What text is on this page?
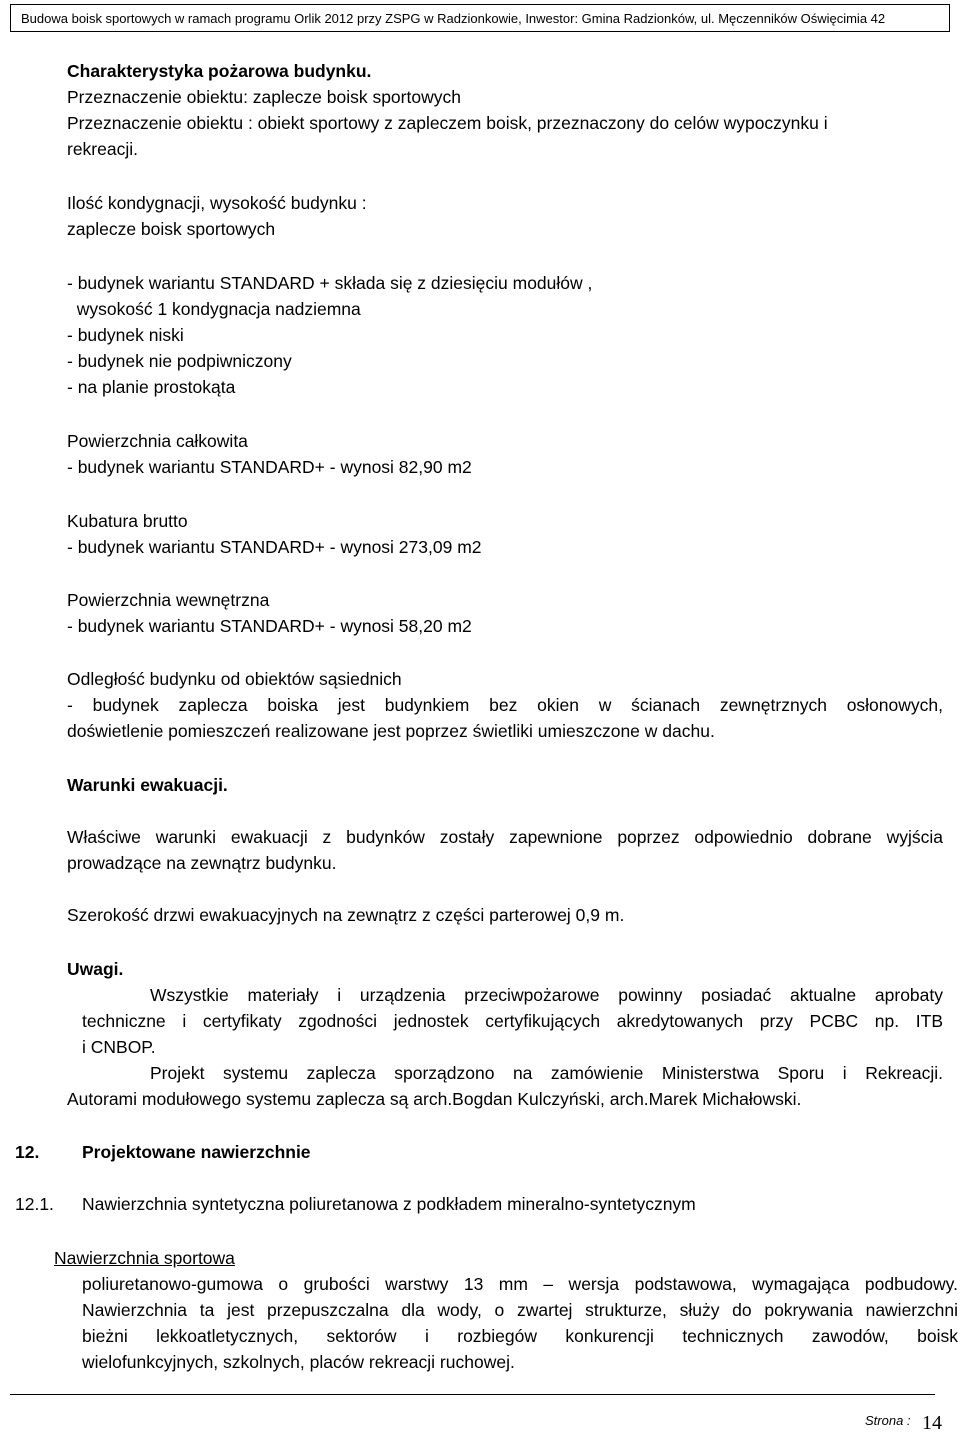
Budowa boisk sportowych w ramach programu Orlik 2012 przy ZSPG w Radzionkowie, Inwestor: Gmina Radzionków, ul. Męczenników Oświęcimia 42
Charakterystyka pożarowa budynku.
Przeznaczenie obiektu: zaplecze boisk sportowych
Przeznaczenie obiektu : obiekt sportowy z zapleczem boisk, przeznaczony do celów wypoczynku i
rekreacji.
Ilość kondygnacji, wysokość budynku :
zaplecze boisk sportowych
- budynek wariantu STANDARD + składa się z dziesięciu modułów ,
wysokość 1 kondygnacja nadziemna
- budynek niski
- budynek nie podpiwniczony
- na planie prostokąta
Powierzchnia całkowita
- budynek wariantu STANDARD+ - wynosi 82,90 m2
Kubatura brutto
- budynek wariantu STANDARD+ - wynosi 273,09 m2
Powierzchnia wewnętrzna
- budynek wariantu STANDARD+ - wynosi 58,20 m2
Odległość budynku od obiektów sąsiednich
- budynek zaplecza boiska jest budynkiem bez okien w ścianach zewnętrznych osłonowych,
doświetlenie pomieszczeń realizowane jest poprzez świetliki umieszczone w dachu.
Warunki ewakuacji.
Właściwe warunki ewakuacji z budynków zostały zapewnione poprzez odpowiednio dobrane wyjścia
prowadzące na zewnątrz budynku.
Szerokość drzwi ewakuacyjnych na zewnątrz z części parterowej 0,9 m.
Uwagi.
Wszystkie materiały i urządzenia przeciwpożarowe powinny posiadać aktualne aprobaty
techniczne i certyfikaty zgodności jednostek certyfikujących akredytowanych przy PCBC np. ITB
i CNBOP.
Projekt systemu zaplecza sporządzono na zamówienie Ministerstwa Sporu i Rekreacji.
Autorami modułowego systemu zaplecza są arch.Bogdan Kulczyński, arch.Marek Michałowski.
12. Projektowane nawierzchnie
12.1. Nawierzchnia syntetyczna poliuretanowa z podkładem mineralno-syntetycznym
Nawierzchnia sportowa
poliuretanowo-gumowa o grubości warstwy 13 mm – wersja podstawowa, wymagająca podbudowy.
Nawierzchnia ta jest przepuszczalna dla wody, o zwartej strukturze, służy do pokrywania nawierzchni
bieżni lekkoatletycznych, sektorów i rozbiegów konkurencji technicznych zawodów, boisk
wielofunkcyjnych, szkolnych, placów rekreacji ruchowej.
Strona : 14
